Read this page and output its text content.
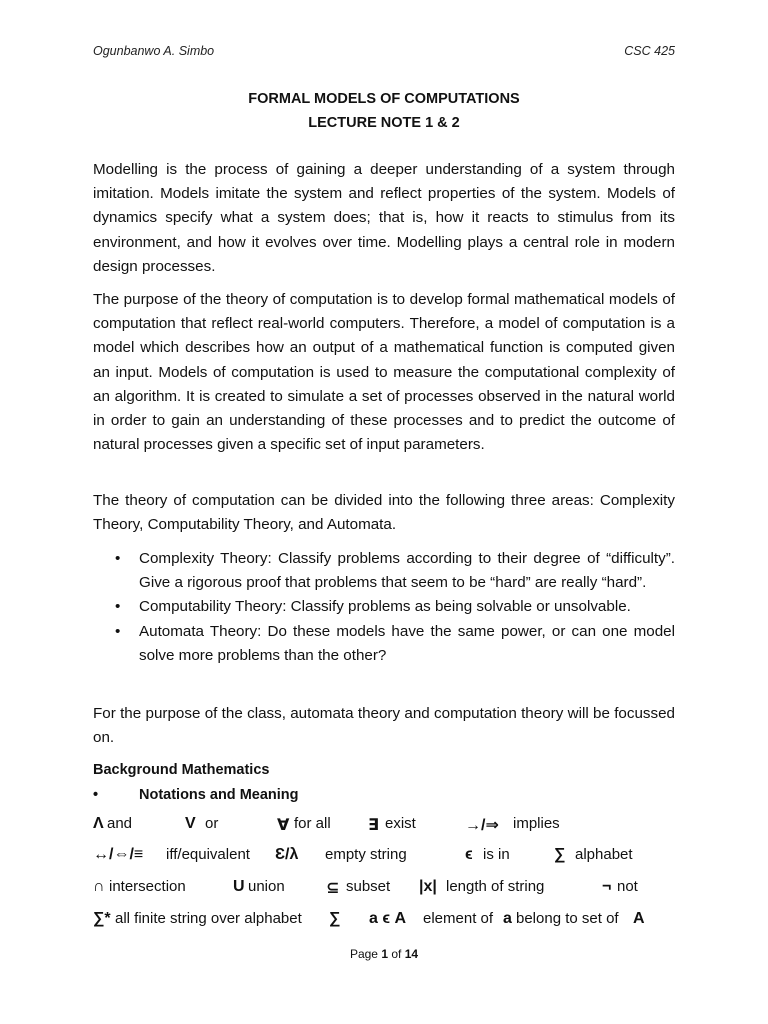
Ogunbanwo A. Simbo	CSC 425
FORMAL MODELS OF COMPUTATIONS
LECTURE NOTE 1 & 2
Modelling is the process of gaining a deeper understanding of a system through imitation. Models imitate the system and reflect properties of the system. Models of dynamics specify what a system does; that is, how it reacts to stimulus from its environment, and how it evolves over time. Modelling plays a central role in modern design processes.
The purpose of the theory of computation is to develop formal mathematical models of computation that reflect real-world computers. Therefore, a model of computation is a model which describes how an output of a mathematical function is computed given an input. Models of computation is used to measure the computational complexity of an algorithm. It is created to simulate a set of processes observed in the natural world in order to gain an understanding of these processes and to predict the outcome of natural processes given a specific set of input parameters.
The theory of computation can be divided into the following three areas: Complexity Theory, Computability Theory, and Automata.
• Complexity Theory: Classify problems according to their degree of “difficulty”. Give a rigorous proof that problems that seem to be “hard” are really “hard”.
• Computability Theory: Classify problems as being solvable or unsolvable.
• Automata Theory: Do these models have the same power, or can one model solve more problems than the other?
For the purpose of the class, automata theory and computation theory will be focussed on.
Background Mathematics
•	Notations and Meaning
Λ and	V or	∀ for all ∃ exist	→/⇒ implies
↔/⇔/≡ iff/equivalent Ɛ/λ empty string	ϵ is in	∑ alphabet
∩ intersection	U union	⊆ subset |x| length of string	¬ not
∑* all finite string over alphabet ∑ a ϵ A element of a belong to set of A
Page 1 of 14
